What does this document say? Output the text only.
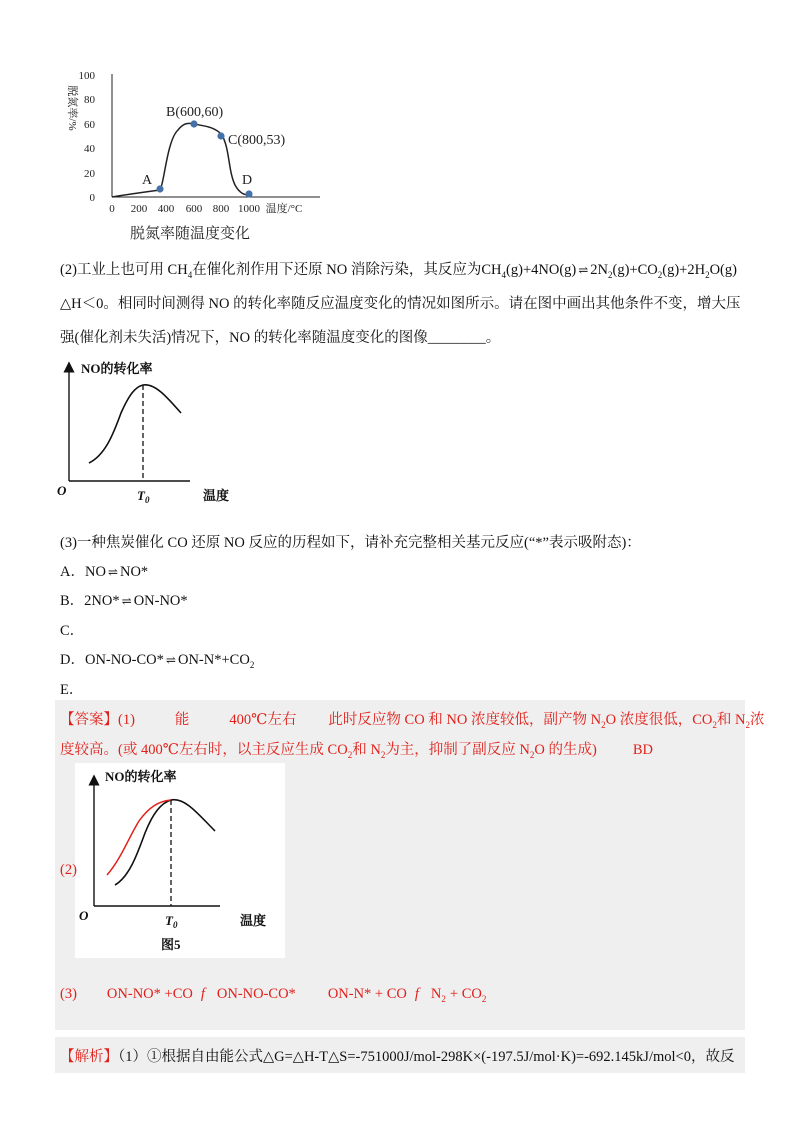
0
20
40
60
80
100
脱氮率/%
0 200 400 600 800 1000 温度/°C
A
B(600,60)
C(800,53)
D
脱氮率随温度变化
(2)工业上也可用 $CH_4$在催化剂作用下还原 NO 消除污染，其反应为$CH_4(g)+4NO(g)$ ⇌ $2N_2(g)+CO_2(g)+2H_2O(g)$
△H＜0。相同时间测得 NO 的转化率随反应温度变化的情况如图所示。请在图中画出其他条件不变，增大压
强(催化剂未失活)情况下，NO 的转化率随温度变化的图像________。
NO的转化率
O	$T_0$	温度
(3)一种焦炭催化 CO 还原 NO 反应的历程如下，请补充完整相关基元反应(“*”表示吸附态)：
A．NO ⇌ NO*
B．2NO* ⇌ ON-NO*
C．
D．ON-NO-CO* ⇌ $ON-N*+CO_2$
E．
【答案】(1)	能	400℃左右 此时反应物 CO 和 NO 浓度较低，副产物 $N_2O$ 浓度很低，$CO_2$和 $N_2$浓
度较高。(或 400℃左右时，以主反应生成 $CO_2$和 $N_2$为主，抑制了副反应 $N_2O$ 的生成) BD
NO的转化率
O	$T_0$	温度
图5
(2)
(3) ON-NO* +CO f ON-NO-CO* ON-N* + CO f $N_2 + CO_2$
【解析】（1）①根据自由能公式△G=△H-T△S=-751000J/mol-298K×(-197.5J/mol·K)=-692.145kJ/mol<0，故反
